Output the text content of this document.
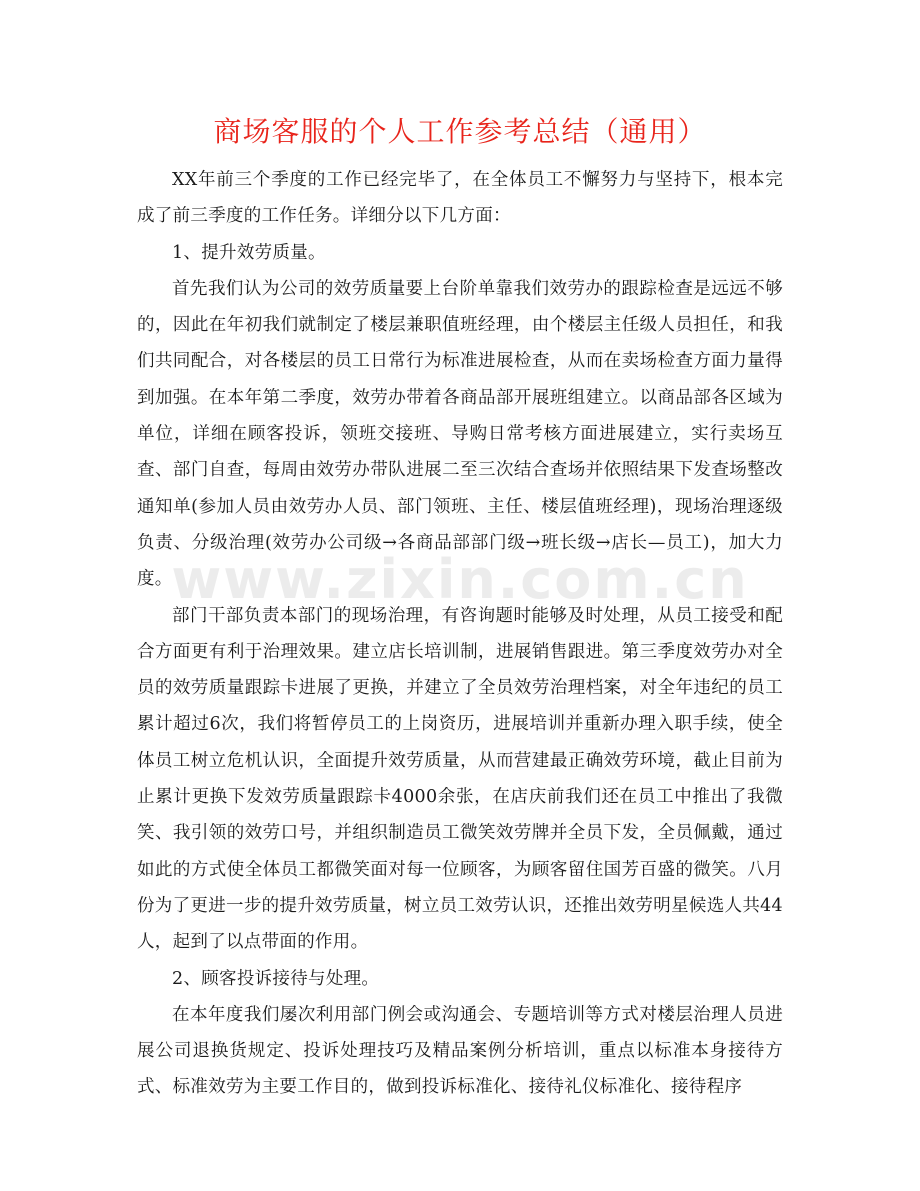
www.zixin.com.cn
商场客服的个人工作参考总结（通用）

XX年前三个季度的工作已经完毕了，在全体员工不懈努力与坚持下，根本完成了前三季度的工作任务。详细分以下几方面：

1、提升效劳质量。

首先我们认为公司的效劳质量要上台阶单靠我们效劳办的跟踪检查是远远不够的，因此在年初我们就制定了楼层兼职值班经理，由个楼层主任级人员担任，和我们共同配合，对各楼层的员工日常行为标准进展检查，从而在卖场检查方面力量得到加强。在本年第二季度，效劳办带着各商品部开展班组建立。以商品部各区域为单位，详细在顾客投诉，领班交接班、导购日常考核方面进展建立，实行卖场互查、部门自查，每周由效劳办带队进展二至三次结合查场并依照结果下发查场整改通知单(参加人员由效劳办人员、部门领班、主任、楼层值班经理)，现场治理逐级负责、分级治理(效劳办公司级→各商品部部门级→班长级→店长—员工)，加大力度。

部门干部负责本部门的现场治理，有咨询题时能够及时处理，从员工接受和配合方面更有利于治理效果。建立店长培训制，进展销售跟进。第三季度效劳办对全员的效劳质量跟踪卡进展了更换，并建立了全员效劳治理档案，对全年违纪的员工累计超过6次，我们将暂停员工的上岗资历，进展培训并重新办理入职手续，使全体员工树立危机认识，全面提升效劳质量，从而营建最正确效劳环境，截止目前为止累计更换下发效劳质量跟踪卡4000余张，在店庆前我们还在员工中推出了我微笑、我引领的效劳口号，并组织制造员工微笑效劳牌并全员下发，全员佩戴，通过如此的方式使全体员工都微笑面对每一位顾客，为顾客留住国芳百盛的微笑。八月份为了更进一步的提升效劳质量，树立员工效劳认识，还推出效劳明星候选人共44人，起到了以点带面的作用。

2、顾客投诉接待与处理。

在本年度我们屡次利用部门例会或沟通会、专题培训等方式对楼层治理人员进展公司退换货规定、投诉处理技巧及精品案例分析培训，重点以标准本身接待方式、标准效劳为主要工作目的，做到投诉标准化、接待礼仪标准化、接待程序
